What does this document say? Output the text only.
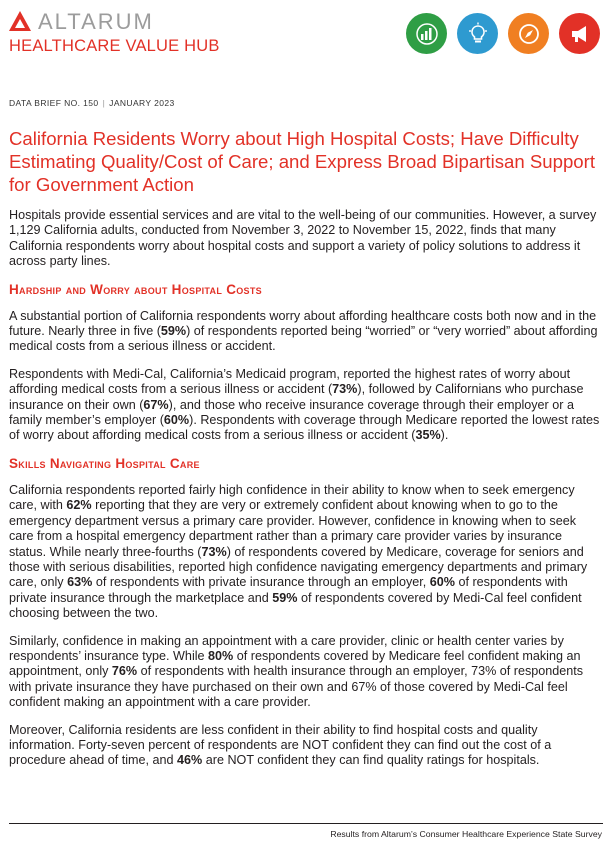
ALTARUM
HEALTHCARE VALUE HUB
DATA BRIEF NO. 150 | JANUARY 2023
California Residents Worry about High Hospital Costs; Have Difficulty Estimating Quality/Cost of Care; and Express Broad Bipartisan Support for Government Action

Hospitals provide essential services and are vital to the well-being of our communities. However, a survey 1,129 California adults, conducted from November 3, 2022 to November 15, 2022, finds that many California respondents worry about hospital costs and support a variety of policy solutions to address it across party lines.

Hardship and Worry about Hospital Costs

A substantial portion of California respondents worry about affording healthcare costs both now and in the future. Nearly three in five (59%) of respondents reported being “worried” or “very worried” about affording medical costs from a serious illness or accident.

Respondents with Medi-Cal, California’s Medicaid program, reported the highest rates of worry about affording medical costs from a serious illness or accident (73%), followed by Californians who purchase insurance on their own (67%), and those who receive insurance coverage through their employer or a family member’s employer (60%). Respondents with coverage through Medicare reported the lowest rates of worry about affording medical costs from a serious illness or accident (35%).

Skills Navigating Hospital Care

California respondents reported fairly high confidence in their ability to know when to seek emergency care, with 62% reporting that they are very or extremely confident about knowing when to go to the emergency department versus a primary care provider. However, confidence in knowing when to seek care from a hospital emergency department rather than a primary care provider varies by insurance status. While nearly three-fourths (73%) of respondents covered by Medicare, coverage for seniors and those with serious disabilities, reported high confidence navigating emergency departments and primary care, only 63% of respondents with private insurance through an employer, 60% of respondents with private insurance through the marketplace and 59% of respondents covered by Medi-Cal feel confident choosing between the two.

Similarly, confidence in making an appointment with a care provider, clinic or health center varies by respondents’ insurance type. While 80% of respondents covered by Medicare feel confident making an appointment, only 76% of respondents with health insurance through an employer, 73% of respondents with private insurance they have purchased on their own and 67% of those covered by Medi-Cal feel confident making an appointment with a care provider.

Moreover, California residents are less confident in their ability to find hospital costs and quality information. Forty-seven percent of respondents are NOT confident they can find out the cost of a procedure ahead of time, and 46% are NOT confident they can find quality ratings for hospitals.

Results from Altarum’s Consumer Healthcare Experience State Survey
